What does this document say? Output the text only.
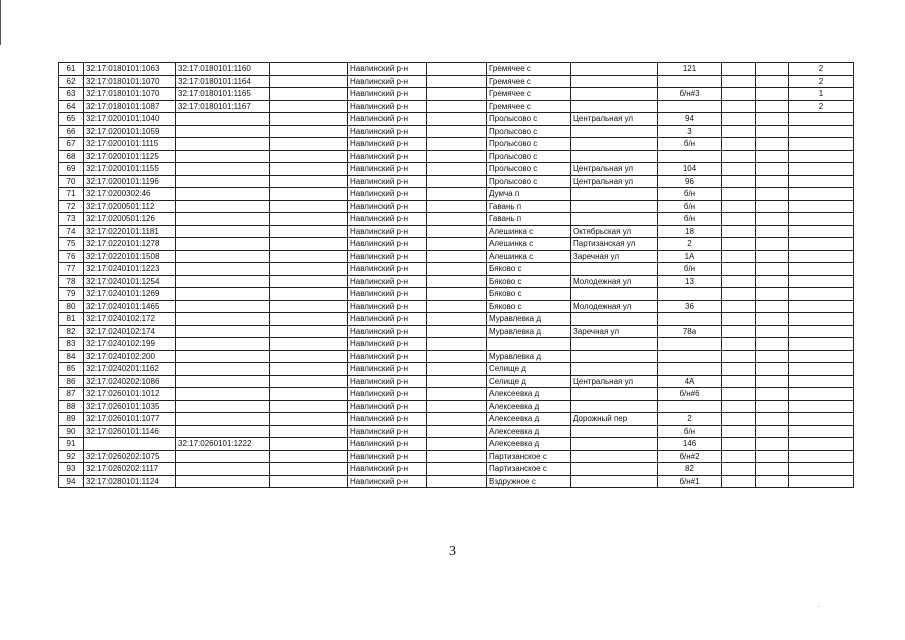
61	32:17:0180101:1063	32:17:0180101:1160		Навлинский р-н		Гремячее с		121			2
62	32:17:0180101:1070	32:17:0180101:1164		Навлинский р-н		Гремячее с					2
63	32:17:0180101:1070	32:17:0180101:1165		Навлинский р-н		Гремячее с		б/н#3			1
64	32:17:0180101:1087	32:17:0180101:1167		Навлинский р-н		Гремячее с					2
65	32:17:0200101:1040			Навлинский р-н		Пролысово с	Центральная ул	94			
66	32:17:0200101:1059			Навлинский р-н		Пролысово с		3			
67	32:17:0200101:1115			Навлинский р-н		Пролысово с		б/н			
68	32:17:0200101:1125			Навлинский р-н		Пролысово с					
69	32:17:0200101:1155			Навлинский р-н		Пролысово с	Центральная ул	104			
70	32:17:0200101:1196			Навлинский р-н		Пролысово с	Центральная ул	96			
71	32:17:0200302:46			Навлинский р-н		Думча п		б/н			
72	32:17:0200501:112			Навлинский р-н		Гавань п		б/н			
73	32:17:0200501:126			Навлинский р-н		Гавань п		б/н			
74	32:17:0220101:1181			Навлинский р-н		Алешинка с	Октябрьская ул	18			
75	32:17:0220101:1278			Навлинский р-н		Алешинка с	Партизанская ул	2			
76	32:17:0220101:1508			Навлинский р-н		Алешинка с	Заречная ул	1А			
77	32:17:0240101:1223			Навлинский р-н		Бяково с		б/н			
78	32:17:0240101:1254			Навлинский р-н		Бяково с	Молодежная ул	13			
79	32:17:0240101:1269			Навлинский р-н		Бяково с					
80	32:17:0240101:1465			Навлинский р-н		Бяково с	Молодежная ул	36			
81	32:17:0240102:172			Навлинский р-н		Муравлевка д					
82	32:17:0240102:174			Навлинский р-н		Муравлевка д	Заречная ул	78а			
83	32:17:0240102:199			Навлинский р-н							
84	32:17:0240102:200			Навлинский р-н		Муравлевка д					
85	32:17:0240201:1162			Навлинский р-н		Селище д					
86	32:17:0240202:1086			Навлинский р-н		Селище д	Центральная ул	4А			
87	32:17:0260101:1012			Навлинский р-н		Алексеевка д		б/н#6			
88	32:17:0260101:1035			Навлинский р-н		Алексеевка д					
89	32:17:0260101:1077			Навлинский р-н		Алексеевка д	Дорожный пер	2			
90	32:17:0260101:1146			Навлинский р-н		Алексеевка д		б/н			
91		32:17:0260101:1222		Навлинский р-н		Алексеевка д		146			
92	32:17:0260202:1075			Навлинский р-н		Партизанское с		б/н#2			
93	32:17:0260202:1117			Навлинский р-н		Партизанское с		82			
94	32:17:0280101:1124			Навлинский р-н		Вздружное с		б/н#1			
3
